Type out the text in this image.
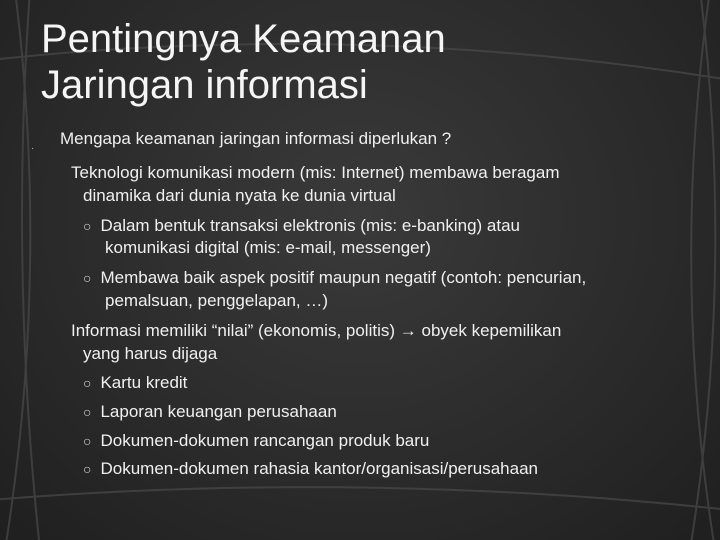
Pentingnya Keamanan
Jaringan informasi
·
Mengapa keamanan jaringan informasi diperlukan ?
Teknologi komunikasi modern (mis: Internet) membawa beragam
dinamika dari dunia nyata ke dunia virtual
○ Dalam bentuk transaksi elektronis (mis: e-banking) atau
komunikasi digital (mis: e-mail, messenger)
○ Membawa baik aspek positif maupun negatif (contoh: pencurian,
pemalsuan, penggelapan, …)
Informasi memiliki “nilai” (ekonomis, politis) → obyek kepemilikan
yang harus dijaga
○ Kartu kredit
○ Laporan keuangan perusahaan
○ Dokumen-dokumen rancangan produk baru
○ Dokumen-dokumen rahasia kantor/organisasi/perusahaan
